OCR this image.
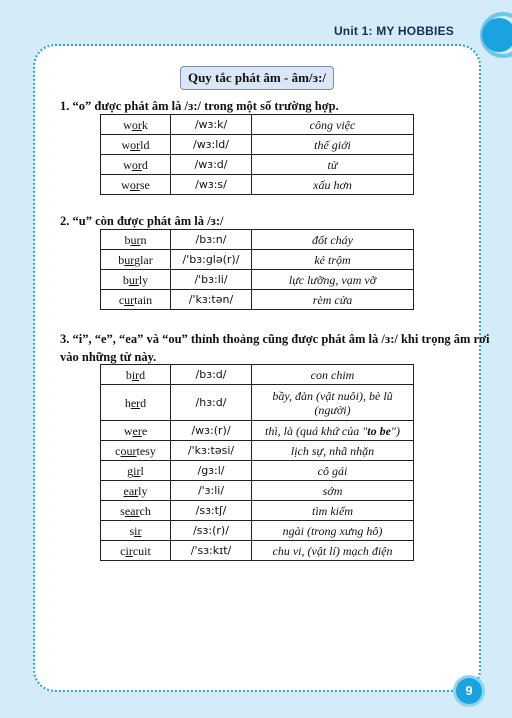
Unit 1: MY HOBBIES
Quy tắc phát âm - âm/ɜ:/
1. “o” được phát âm là /ɜ:/ trong một số trường hợp.
work	/wɜ:k/	công việc
world	/wɜ:ld/	thế giới
word	/wɜ:d/	từ
worse	/wɜ:s/	xấu hơn
2. “u” còn được phát âm là /ɜ:/
burn	/bɜ:n/	đốt cháy
burglar	/'bɜ:glə(r)/	kẻ trộm
burly	/'bɜ:li/	lực lưỡng, vạm vỡ
curtain	/'kɜ:tən/	rèm cửa
3. “i”, “e”, “ea” và “ou” thỉnh thoảng cũng được phát âm là /ɜ:/ khi trọng âm rơi
vào những từ này.
bird	/bɜ:d/	con chim
herd	/hɜ:d/	bầy, đàn (vật nuôi), bè lũ
(người)

were	/wɜ:(r)/	thì, là (quá khứ của "to be")
courtesy	/'kɜ:təsi/	lịch sự, nhã nhặn
girl	/gɜ:l/	cô gái
early	/'ɜ:li/	sớm
search	/sɜ:tʃ/	tìm kiếm
sir	/sɜ:(r)/	ngài (trong xưng hô)
circuit	/'sɜ:kɪt/	chu vi, (vật lí) mạch điện
9
